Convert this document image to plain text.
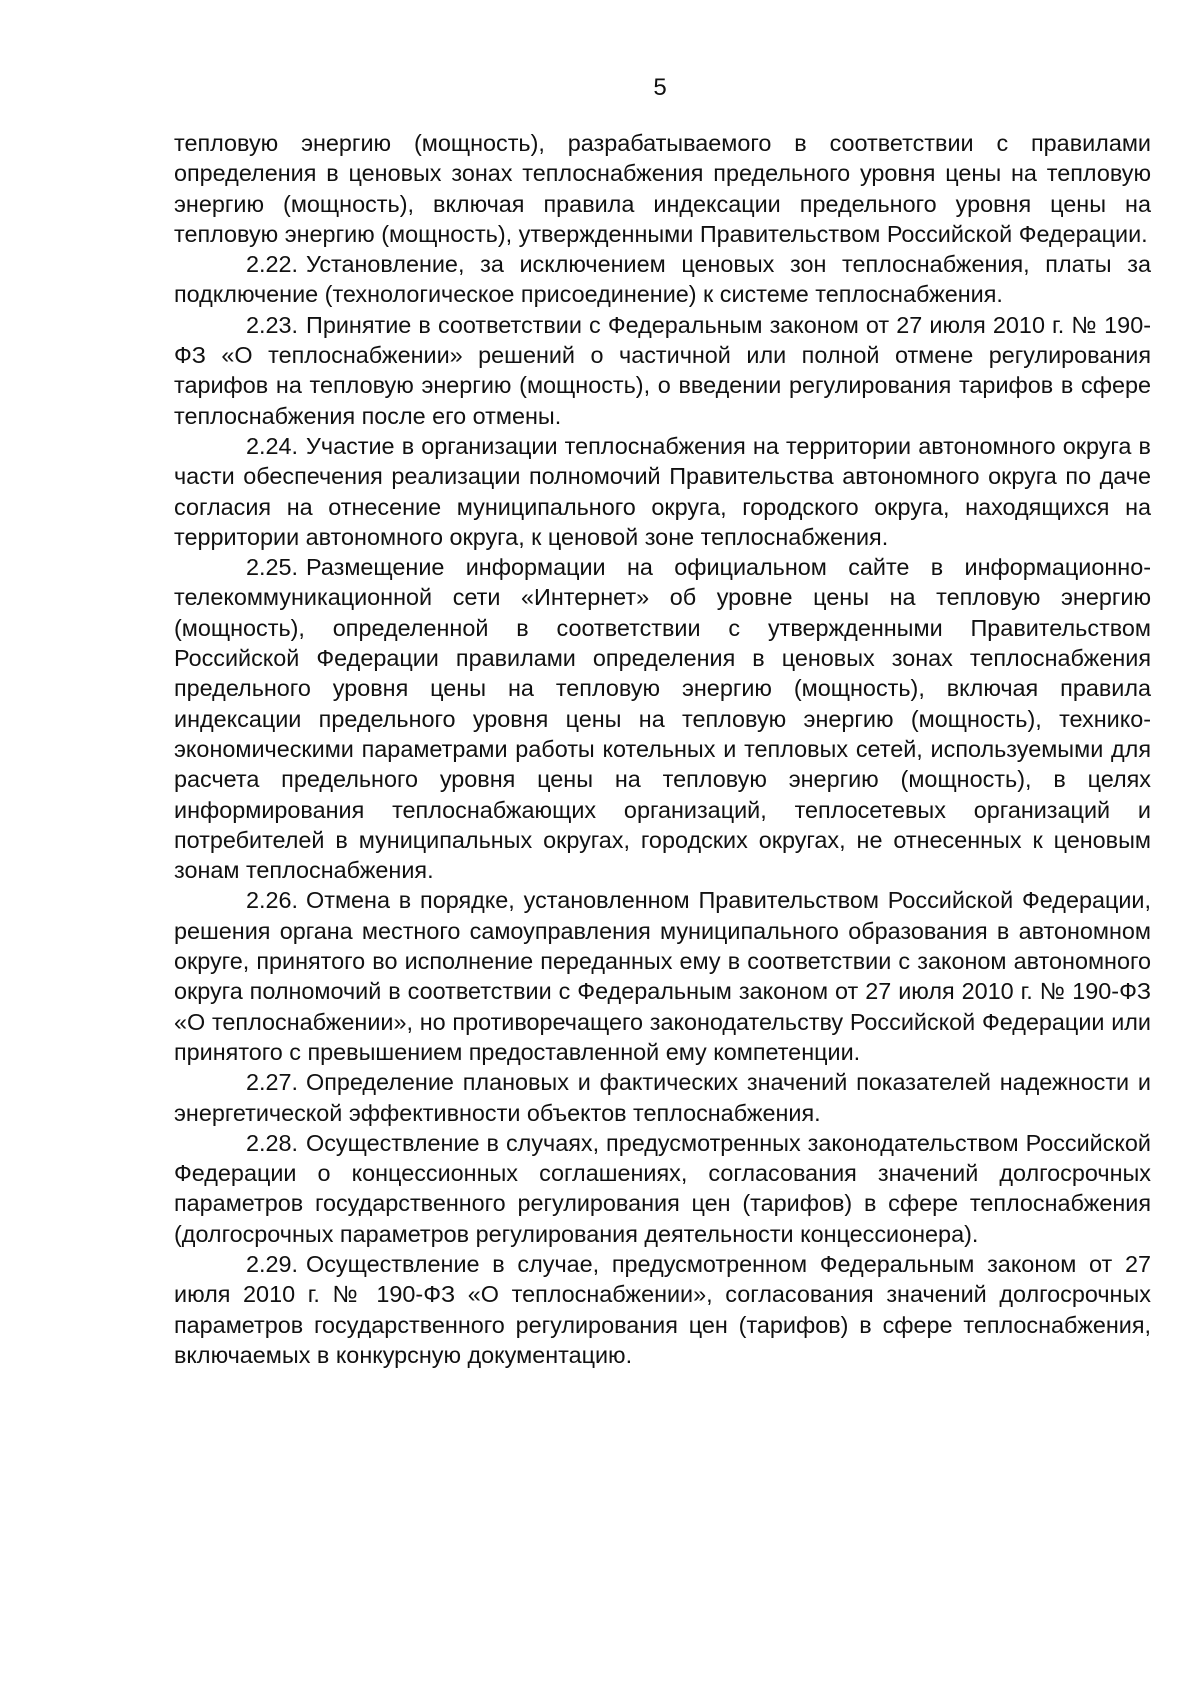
5

тепловую энергию (мощность), разрабатываемого в соответствии с правилами определения в ценовых зонах теплоснабжения предельного уровня цены на тепловую энергию (мощность), включая правила индексации предельного уровня цены на тепловую энергию (мощность), утвержденными Правительством Российской Федерации.

2.22. Установление, за исключением ценовых зон теплоснабжения, платы за подключение (технологическое присоединение) к системе теплоснабжения.

2.23. Принятие в соответствии с Федеральным законом от 27 июля 2010 г. № 190-ФЗ «О теплоснабжении» решений о частичной или полной отмене регулирования тарифов на тепловую энергию (мощность), о введении регулирования тарифов в сфере теплоснабжения после его отмены.

2.24. Участие в организации теплоснабжения на территории автономного округа в части обеспечения реализации полномочий Правительства автономного округа по даче согласия на отнесение муниципального округа, городского округа, находящихся на территории автономного округа, к ценовой зоне теплоснабжения.

2.25. Размещение информации на официальном сайте в информационно-телекоммуникационной сети «Интернет» об уровне цены на тепловую энергию (мощность), определенной в соответствии с утвержденными Правительством Российской Федерации правилами определения в ценовых зонах теплоснабжения предельного уровня цены на тепловую энергию (мощность), включая правила индексации предельного уровня цены на тепловую энергию (мощность), технико-экономическими параметрами работы котельных и тепловых сетей, используемыми для расчета предельного уровня цены на тепловую энергию (мощность), в целях информирования теплоснабжающих организаций, теплосетевых организаций и потребителей в муниципальных округах, городских округах, не отнесенных к ценовым зонам теплоснабжения.

2.26. Отмена в порядке, установленном Правительством Российской Федерации, решения органа местного самоуправления муниципального образования в автономном округе, принятого во исполнение переданных ему в соответствии с законом автономного округа полномочий в соответствии с Федеральным законом от 27 июля 2010 г. № 190-ФЗ «О теплоснабжении», но противоречащего законодательству Российской Федерации или принятого с превышением предоставленной ему компетенции.

2.27. Определение плановых и фактических значений показателей надежности и энергетической эффективности объектов теплоснабжения.

2.28. Осуществление в случаях, предусмотренных законодательством Российской Федерации о концессионных соглашениях, согласования значений долгосрочных параметров государственного регулирования цен (тарифов) в сфере теплоснабжения (долгосрочных параметров регулирования деятельности концессионера).

2.29. Осуществление в случае, предусмотренном Федеральным законом от 27 июля 2010 г. № 190-ФЗ «О теплоснабжении», согласования значений долгосрочных параметров государственного регулирования цен (тарифов) в сфере теплоснабжения, включаемых в конкурсную документацию.
